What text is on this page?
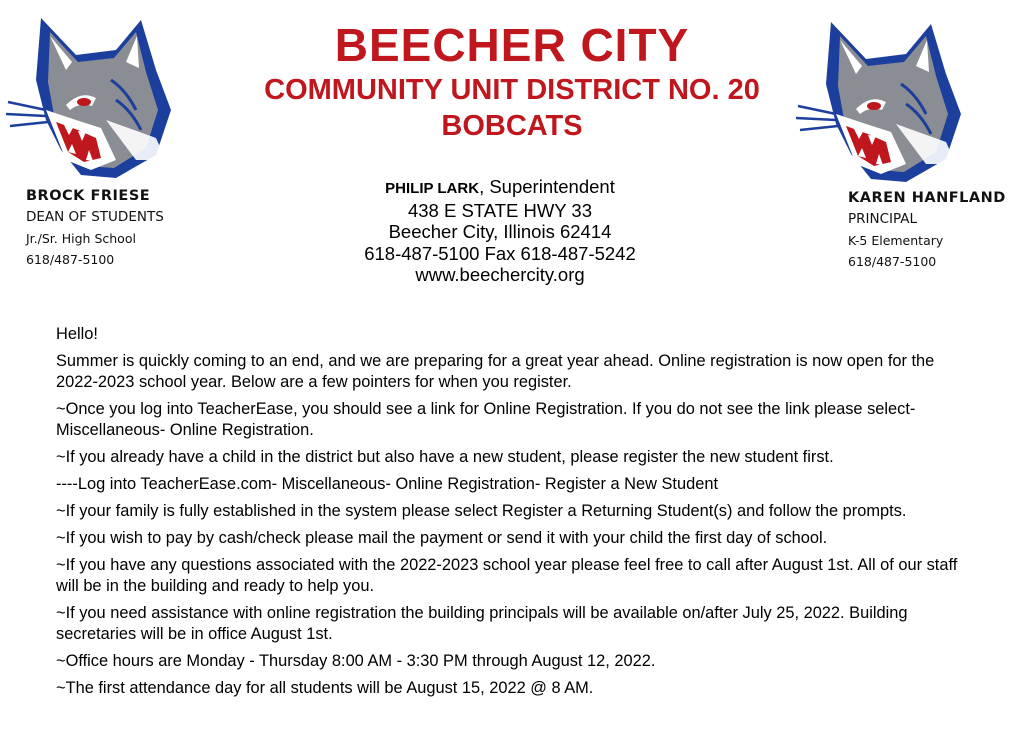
BEECHER CITY
COMMUNITY UNIT DISTRICT NO. 20
BOBCATS
BROCK FRIESE
DEAN OF STUDENTS
Jr./Sr. High School
618/487-5100
PHILIP LARK, Superintendent
438 E STATE HWY 33
Beecher City, Illinois 62414
618-487-5100 Fax 618-487-5242
www.beechercity.org
KAREN HANFLAND
PRINCIPAL
K-5 Elementary
618/487-5100

Hello!

Summer is quickly coming to an end, and we are preparing for a great year ahead. Online registration is now open for the 2022-2023 school year. Below are a few pointers for when you register.

~Once you log into TeacherEase, you should see a link for Online Registration. If you do not see the link please select- Miscellaneous- Online Registration.

~If you already have a child in the district but also have a new student, please register the new student first.

----Log into TeacherEase.com- Miscellaneous- Online Registration- Register a New Student

~If your family is fully established in the system please select Register a Returning Student(s) and follow the prompts.

~If you wish to pay by cash/check please mail the payment or send it with your child the first day of school.

~If you have any questions associated with the 2022-2023 school year please feel free to call after August 1st. All of our staff will be in the building and ready to help you.

~If you need assistance with online registration the building principals will be available on/after July 25, 2022. Building secretaries will be in office August 1st.

~Office hours are Monday - Thursday 8:00 AM - 3:30 PM through August 12, 2022.

~The first attendance day for all students will be August 15, 2022 @ 8 AM.
